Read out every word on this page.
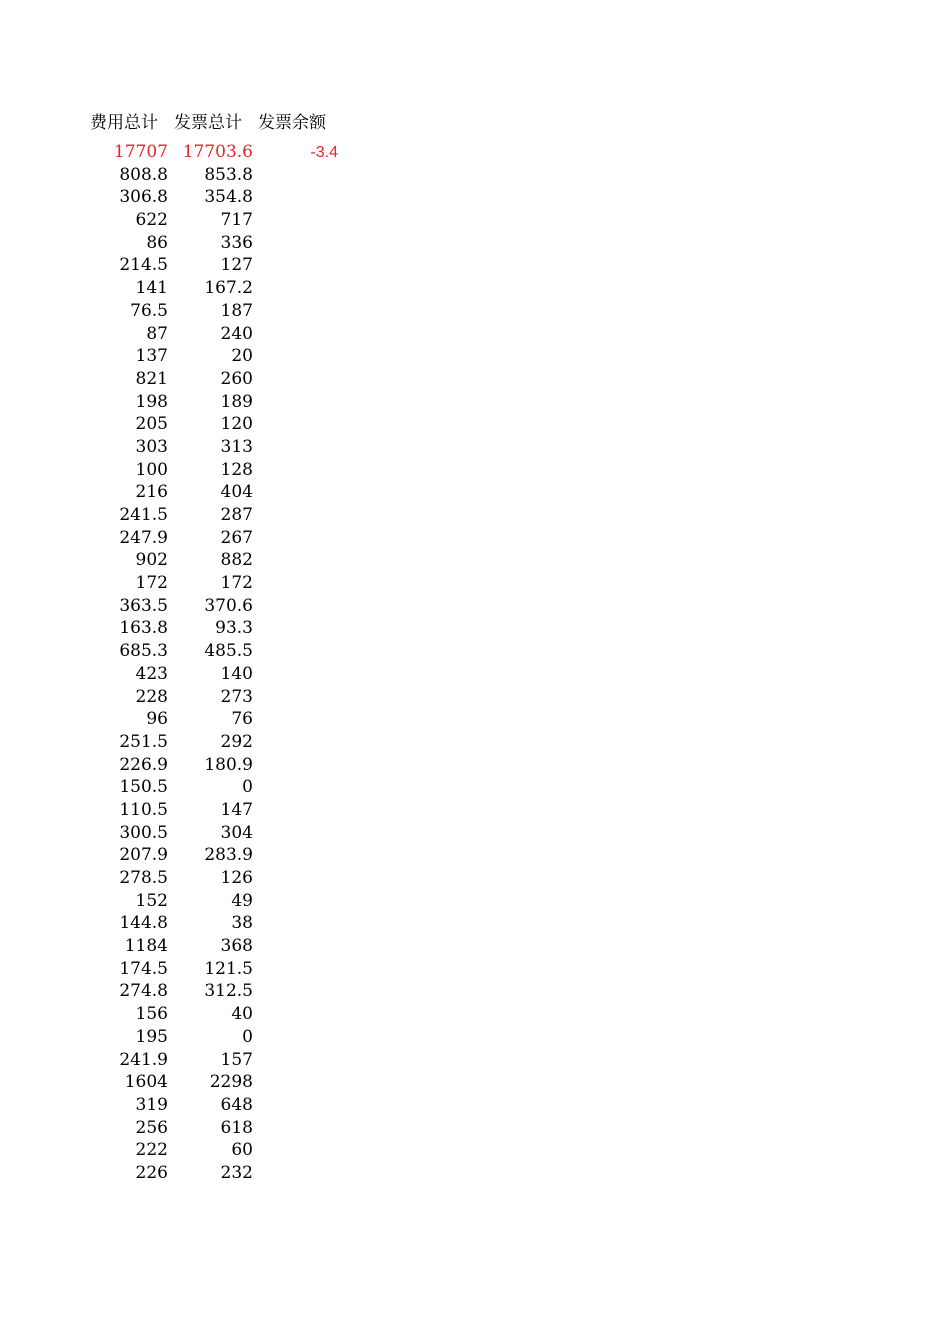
费用总计 发票总计 发票余额
17707 17703.6	-3.4
808.8	853.8
306.8	354.8
622	717
86	336
214.5	127
141	167.2
76.5	187
87	240
137	20
821	260
198	189
205	120
303	313
100	128
216	404
241.5	287
247.9	267
902	882
172	172
363.5	370.6
163.8	93.3
685.3	485.5
423	140
228	273
96	76
251.5	292
226.9	180.9
150.5	0
110.5	147
300.5	304
207.9	283.9
278.5	126
152	49
144.8	38
1184	368
174.5	121.5
274.8	312.5
156	40
195	0
241.9	157
1604	2298
319	648
256	618
222	60
226	232
